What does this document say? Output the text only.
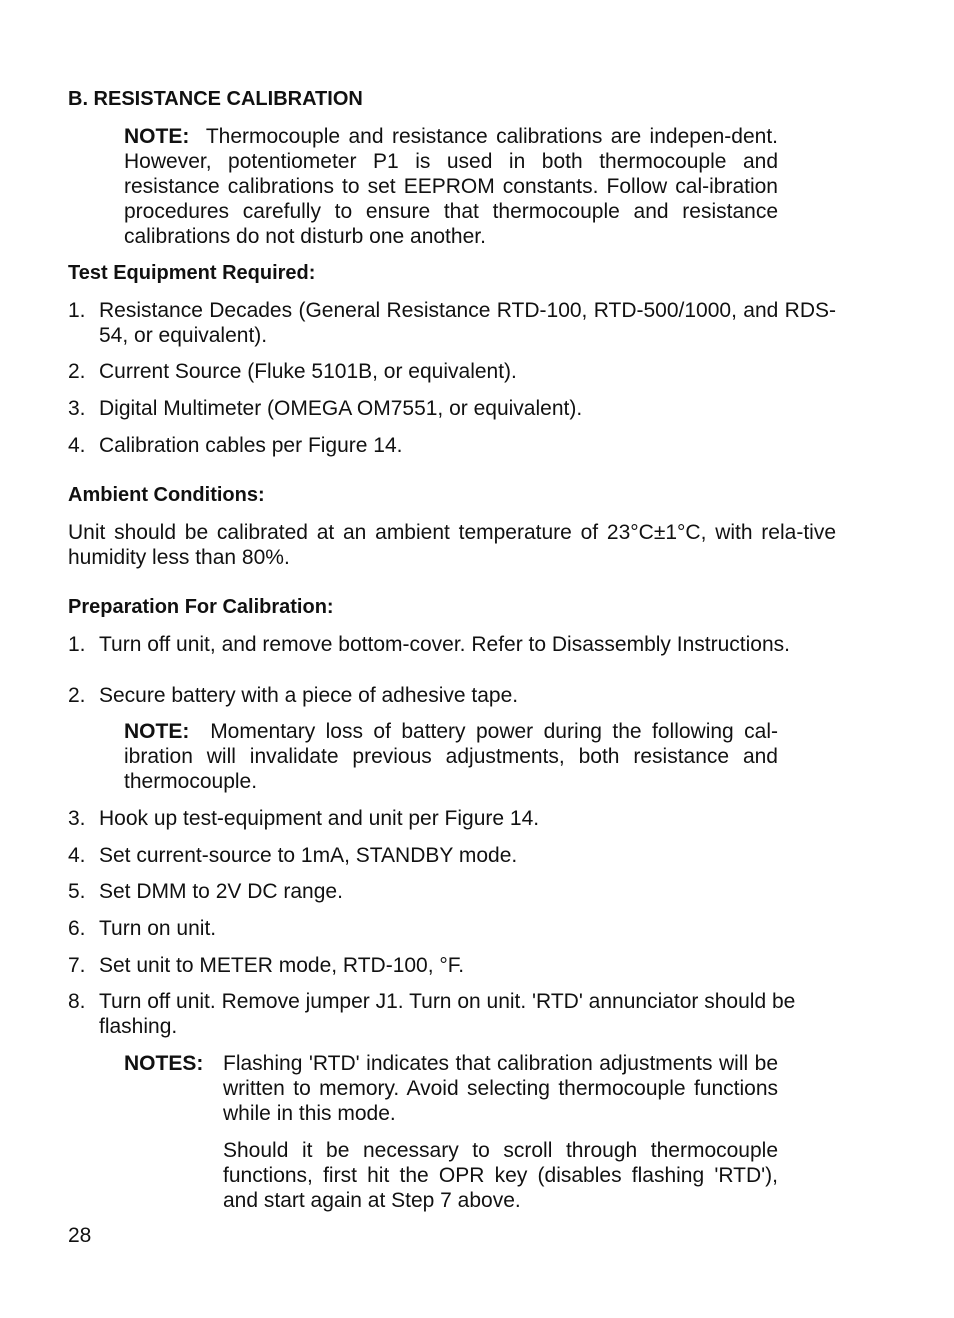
B. RESISTANCE CALIBRATION
NOTE: Thermocouple and resistance calibrations are indepen-dent. However, potentiometer P1 is used in both thermocouple and resistance calibrations to set EEPROM constants. Follow cal-ibration procedures carefully to ensure that thermocouple and resistance calibrations do not disturb one another.
Test Equipment Required:
1. Resistance Decades (General Resistance RTD-100, RTD-500/1000, and RDS-54, or equivalent).
2. Current Source (Fluke 5101B, or equivalent).
3. Digital Multimeter (OMEGA OM7551, or equivalent).
4. Calibration cables per Figure 14.
Ambient Conditions:
Unit should be calibrated at an ambient temperature of 23°C±1°C, with rela-tive humidity less than 80%.
Preparation For Calibration:
1. Turn off unit, and remove bottom-cover. Refer to Disassembly Instructions.
2. Secure battery with a piece of adhesive tape.
NOTE: Momentary loss of battery power during the following cal-ibration will invalidate previous adjustments, both resistance and thermocouple.
3. Hook up test-equipment and unit per Figure 14.
4. Set current-source to 1mA, STANDBY mode.
5. Set DMM to 2V DC range.
6. Turn on unit.
7. Set unit to METER mode, RTD-100, °F.
8. Turn off unit. Remove jumper J1. Turn on unit. 'RTD' annunciator should be flashing.
NOTES: Flashing 'RTD' indicates that calibration adjustments will be written to memory. Avoid selecting thermocouple functions while in this mode.
Should it be necessary to scroll through thermocouple functions, first hit the OPR key (disables flashing 'RTD'), and start again at Step 7 above.
28
